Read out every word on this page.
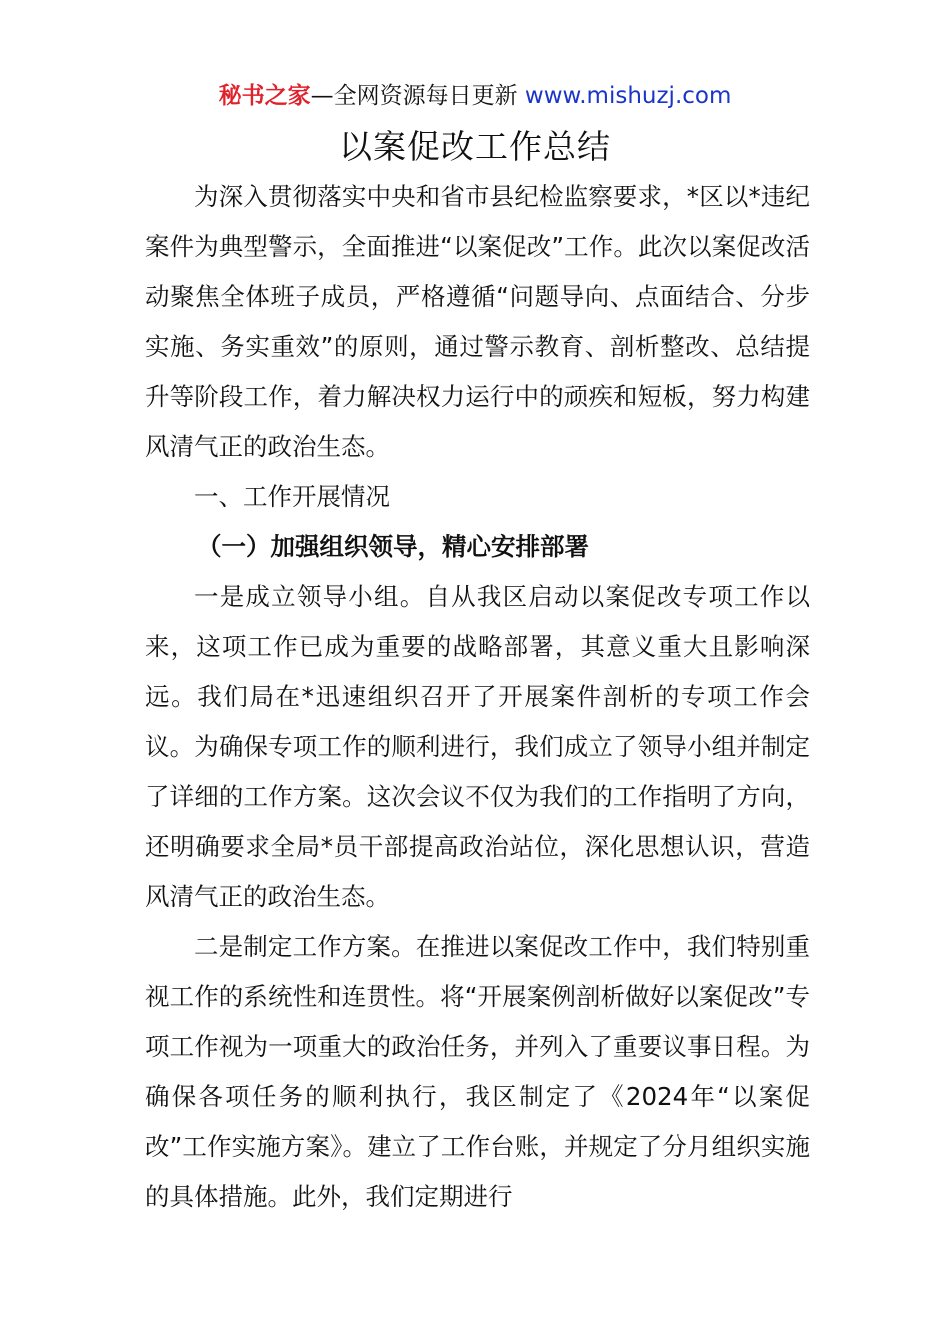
秘书之家—全网资源每日更新 www.mishuzj.com
以案促改工作总结

为深入贯彻落实中央和省市县纪检监察要求，*区以*违纪案件为典型警示，全面推进“以案促改”工作。此次以案促改活动聚焦全体班子成员，严格遵循“问题导向、点面结合、分步实施、务实重效”的原则，通过警示教育、剖析整改、总结提升等阶段工作，着力解决权力运行中的顽疾和短板，努力构建风清气正的政治生态。

一、工作开展情况

（一）加强组织领导，精心安排部署

一是成立领导小组。自从我区启动以案促改专项工作以来，这项工作已成为重要的战略部署，其意义重大且影响深远。我们局在*迅速组织召开了开展案件剖析的专项工作会议。为确保专项工作的顺利进行，我们成立了领导小组并制定了详细的工作方案。这次会议不仅为我们的工作指明了方向，还明确要求全局*员干部提高政治站位，深化思想认识，营造风清气正的政治生态。

二是制定工作方案。在推进以案促改工作中，我们特别重视工作的系统性和连贯性。将“开展案例剖析做好以案促改”专项工作视为一项重大的政治任务，并列入了重要议事日程。为确保各项任务的顺利执行，我区制定了《2024年“以案促改”工作实施方案》。建立了工作台账，并规定了分月组织实施的具体措施。此外，我们定期进行
